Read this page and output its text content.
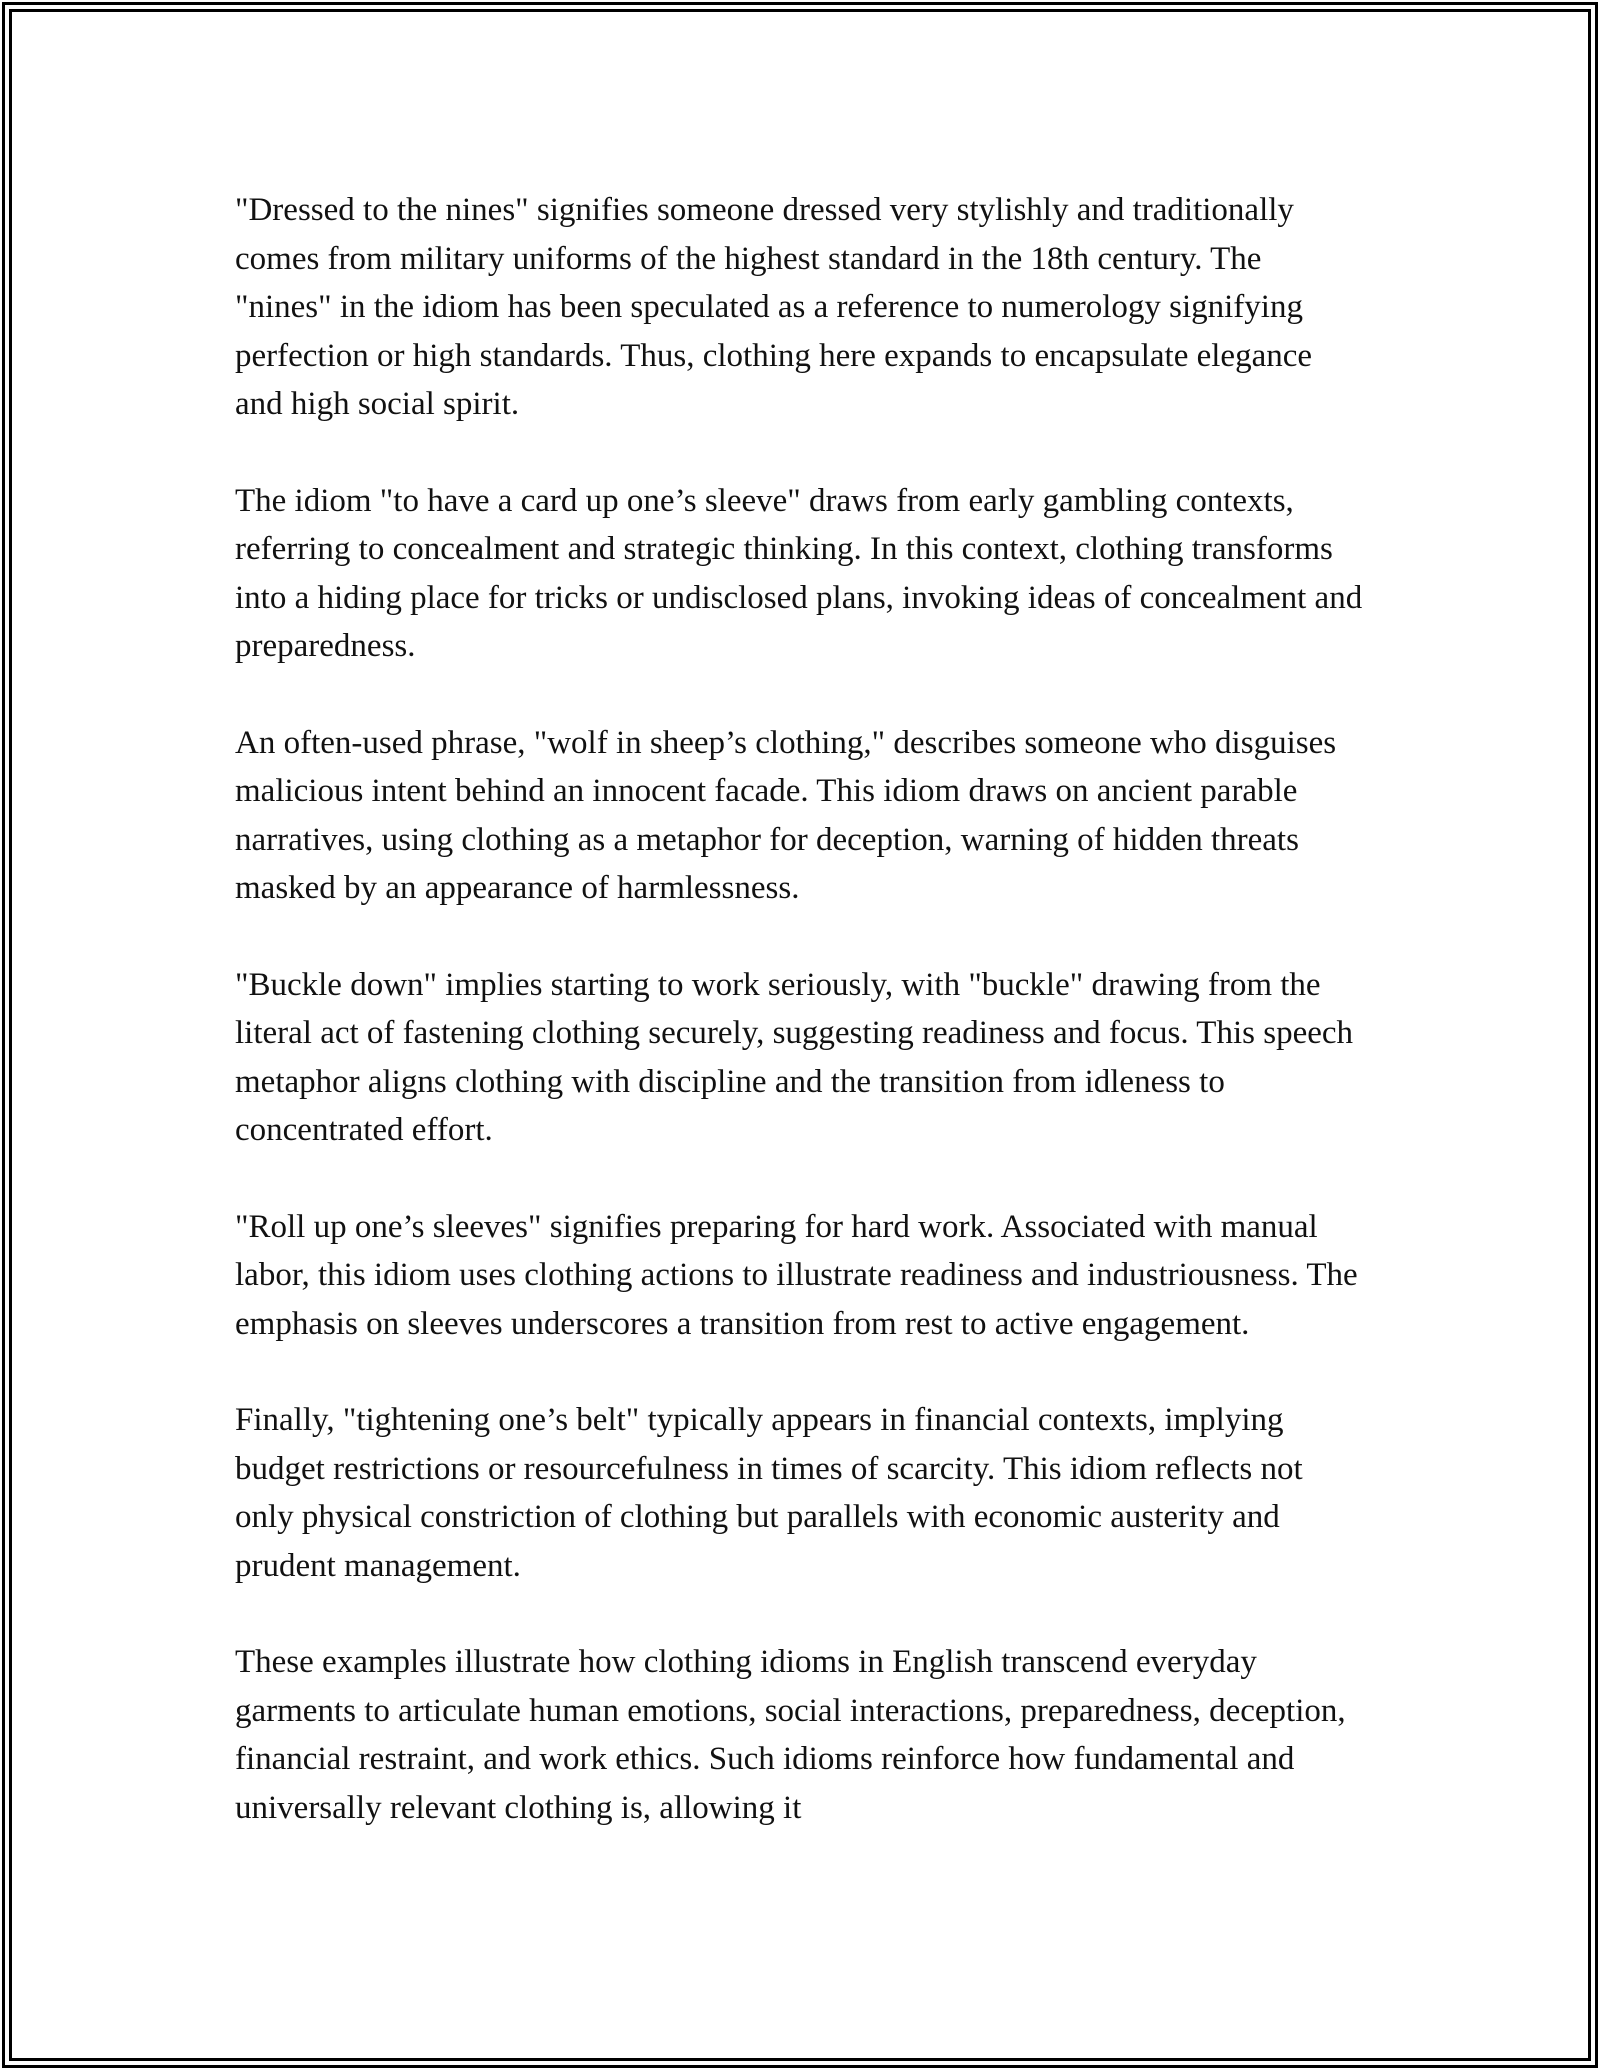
"Dressed to the nines" signifies someone dressed very stylishly and traditionally comes from military uniforms of the highest standard in the 18th century. The "nines" in the idiom has been speculated as a reference to numerology signifying perfection or high standards. Thus, clothing here expands to encapsulate elegance and high social spirit.

The idiom "to have a card up one’s sleeve" draws from early gambling contexts, referring to concealment and strategic thinking. In this context, clothing transforms into a hiding place for tricks or undisclosed plans, invoking ideas of concealment and preparedness.

An often-used phrase, "wolf in sheep’s clothing," describes someone who disguises malicious intent behind an innocent facade. This idiom draws on ancient parable narratives, using clothing as a metaphor for deception, warning of hidden threats masked by an appearance of harmlessness.

"Buckle down" implies starting to work seriously, with "buckle" drawing from the literal act of fastening clothing securely, suggesting readiness and focus. This speech metaphor aligns clothing with discipline and the transition from idleness to concentrated effort.

"Roll up one’s sleeves" signifies preparing for hard work. Associated with manual labor, this idiom uses clothing actions to illustrate readiness and industriousness. The emphasis on sleeves underscores a transition from rest to active engagement.

Finally, "tightening one’s belt" typically appears in financial contexts, implying budget restrictions or resourcefulness in times of scarcity. This idiom reflects not only physical constriction of clothing but parallels with economic austerity and prudent management.

These examples illustrate how clothing idioms in English transcend everyday garments to articulate human emotions, social interactions, preparedness, deception, financial restraint, and work ethics. Such idioms reinforce how fundamental and universally relevant clothing is, allowing it
